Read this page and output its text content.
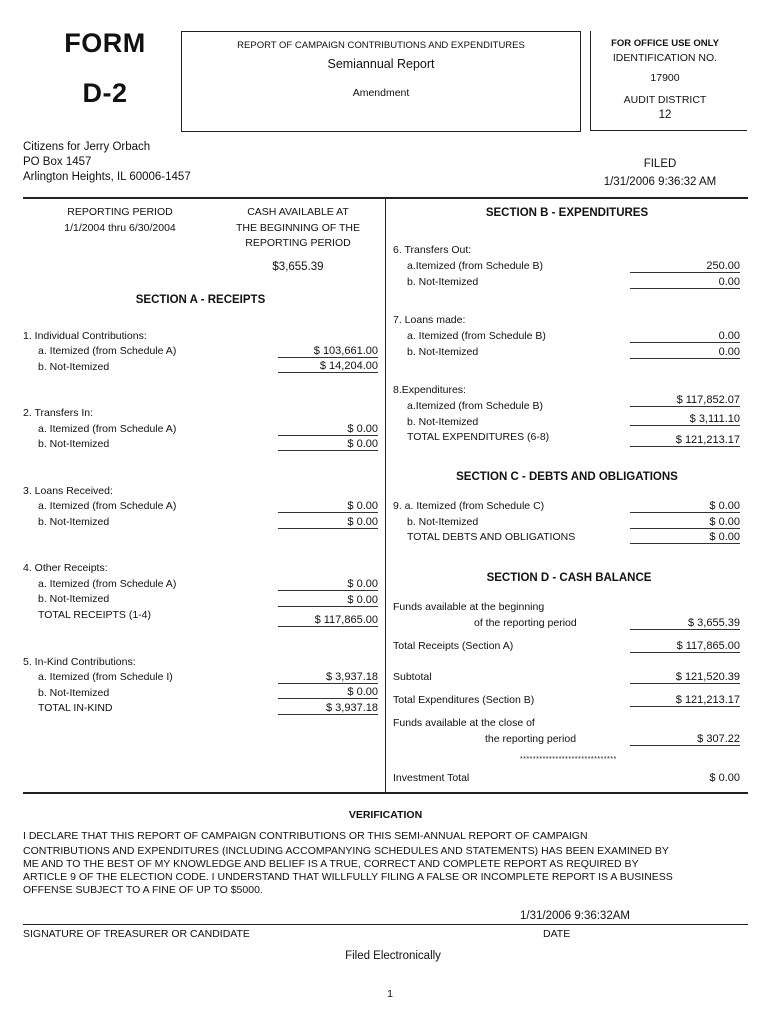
FORM
D-2
REPORT OF CAMPAIGN CONTRIBUTIONS AND EXPENDITURES
Semiannual Report
Amendment
FOR OFFICE USE ONLY
IDENTIFICATION NO.
17900
AUDIT DISTRICT
12
Citizens for Jerry Orbach
PO Box 1457
Arlington Heights, IL 60006-1457
FILED
1/31/2006 9:36:32 AM
REPORTING PERIOD
1/1/2004 thru 6/30/2004
CASH AVAILABLE AT
THE BEGINNING OF THE
REPORTING PERIOD
$3,655.39
SECTION A - RECEIPTS
1. Individual Contributions:
a. Itemized (from Schedule A)	$ 103,661.00
b. Not-Itemized	$ 14,204.00
2. Transfers In:
a. Itemized (from Schedule A)	$ 0.00
b. Not-Itemized	$ 0.00
3. Loans Received:
a. Itemized (from Schedule A)	$ 0.00
b. Not-Itemized	$ 0.00
4. Other Receipts:
a. Itemized (from Schedule A)	$ 0.00
b. Not-Itemized	$ 0.00
TOTAL RECEIPTS (1-4)	$ 117,865.00
5. In-Kind Contributions:
a. Itemized (from Schedule I)	$ 3,937.18
b. Not-Itemized	$ 0.00
TOTAL IN-KIND	$ 3,937.18
SECTION B - EXPENDITURES
6. Transfers Out:
a.Itemized (from Schedule B)	250.00
b. Not-Itemized	0.00
7. Loans made:
a. Itemized (from Schedule B)	0.00
b. Not-Itemized	0.00
8.Expenditures:
a.Itemized (from Schedule B)	$ 117,852.07
b. Not-Itemized	$ 3,111.10
TOTAL EXPENDITURES (6-8)	$ 121,213.17
SECTION C - DEBTS AND OBLIGATIONS
9. a. Itemized (from Schedule C)	$ 0.00
b. Not-Itemized	$ 0.00
TOTAL DEBTS AND OBLIGATIONS	$ 0.00
SECTION D - CASH BALANCE
Funds available at the beginning
of the reporting period	$ 3,655.39
Total Receipts (Section A)	$ 117,865.00
Subtotal	$ 121,520.39
Total Expenditures (Section B)	$ 121,213.17
Funds available at the close of
the reporting period	$ 307.22
******************************
Investment Total	$ 0.00
VERIFICATION
I DECLARE THAT THIS REPORT OF CAMPAIGN CONTRIBUTIONS OR THIS SEMI-ANNUAL REPORT OF CAMPAIGN
CONTRIBUTIONS AND EXPENDITURES (INCLUDING ACCOMPANYING SCHEDULES AND STATEMENTS) HAS BEEN EXAMINED BY
ME AND TO THE BEST OF MY KNOWLEDGE AND BELIEF IS A TRUE, CORRECT AND COMPLETE REPORT AS REQUIRED BY
ARTICLE 9 OF THE ELECTION CODE. I UNDERSTAND THAT WILLFULLY FILING A FALSE OR INCOMPLETE REPORT IS A BUSINESS
OFFENSE SUBJECT TO A FINE OF UP TO $5000.
1/31/2006 9:36:32AM
SIGNATURE OF TREASURER OR CANDIDATE	DATE
Filed Electronically
1
